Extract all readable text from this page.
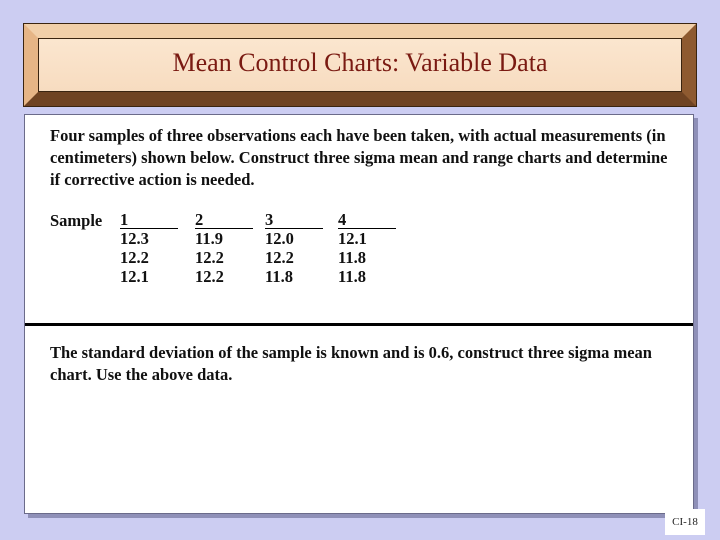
Mean Control Charts: Variable Data
Four samples of three observations each have been taken, with actual measurements (in centimeters) shown below. Construct three sigma mean and range charts and determine if corrective action is needed.
Sample 1
12.3
12.2
12.1
2
11.9
12.2
12.2
3
12.0
12.2
11.8
4
12.1
11.8
11.8
The standard deviation of the sample is known and is 0.6, construct three sigma mean chart. Use the above data.
CI-18
